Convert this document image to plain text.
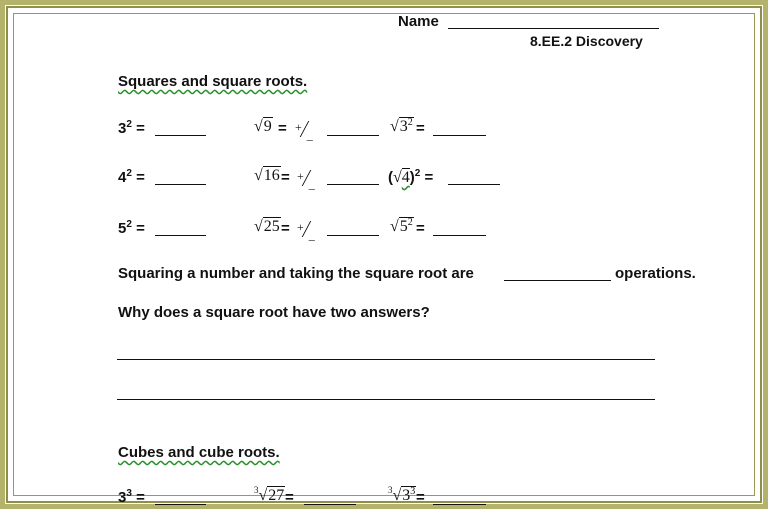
Name
8.EE.2 Discovery
Squares and square roots.
$3^2$ =	√9 = +_	$√3^2$ =
$4^2$ =	√16 = +_	$(√4)^2$ =
$5^2$ =	√25 = +_	$√5^2$ =
Squaring a number and taking the square root are	operations.
Why does a square root have two answers?
Cubes and cube roots.
$3^3$ =	$^3$√27 =	$^3√3^3$ =
